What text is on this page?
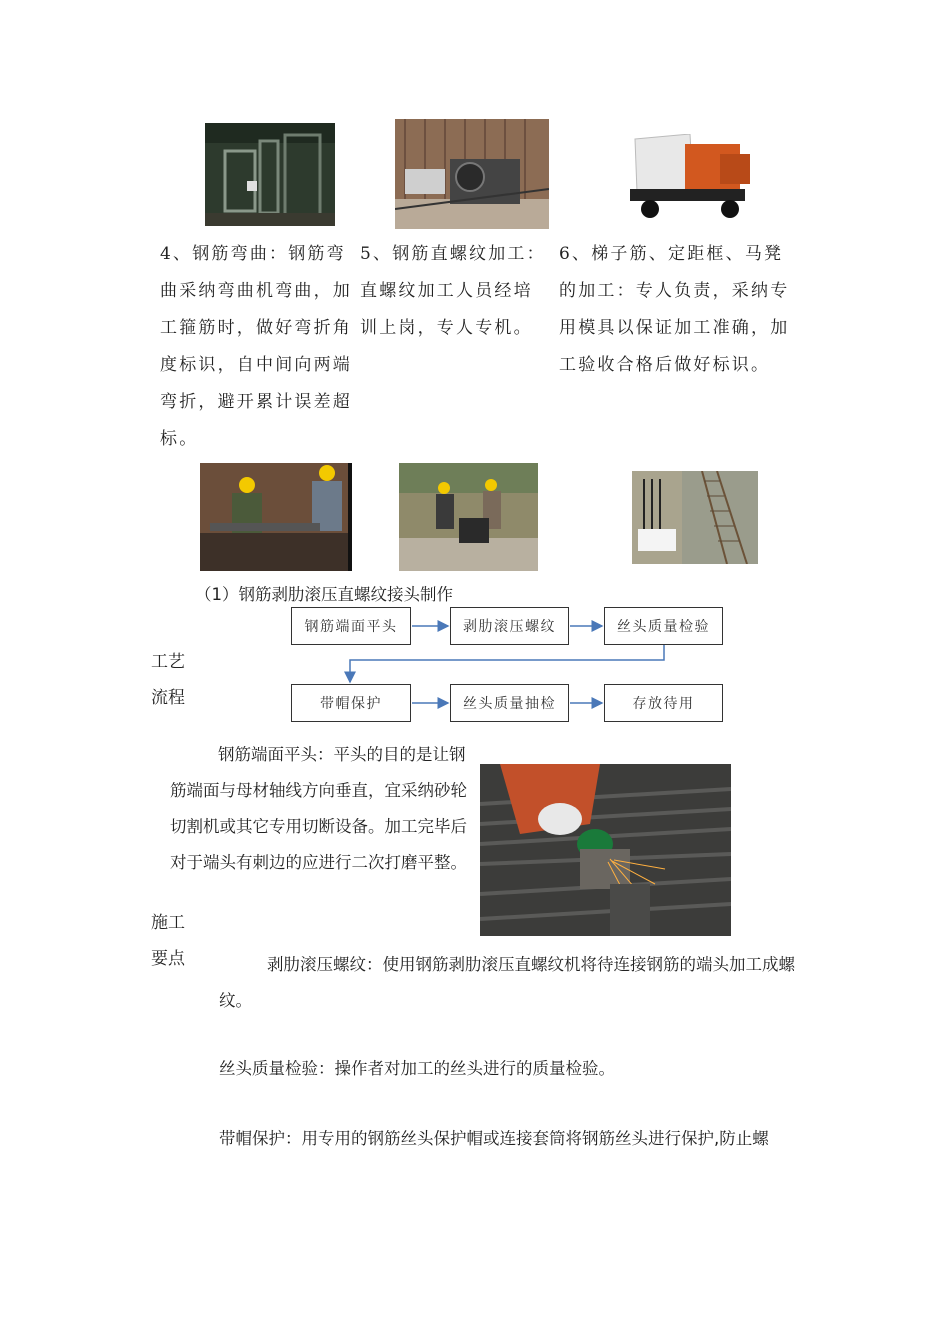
4、钢筋弯曲：钢筋弯曲采纳弯曲机弯曲，加工箍筋时，做好弯折角度标识，自中间向两端弯折，避开累计误差超标。
5、钢筋直螺纹加工：直螺纹加工人员经培训上岗，专人专机。
6、梯子筋、定距框、马凳的加工：专人负责，采纳专用模具以保证加工准确，加工验收合格后做好标识。
（1）钢筋剥肋滚压直螺纹接头制作
工艺
流程
钢筋端面平头	剥肋滚压螺纹	丝头质量检验
带帽保护	丝头质量抽检	存放待用
钢筋端面平头：平头的目的是让钢筋端面与母材轴线方向垂直，宜采纳砂轮切割机或其它专用切断设备。加工完毕后对于端头有刺边的应进行二次打磨平整。
施工
要点	剥肋滚压螺纹：使用钢筋剥肋滚压直螺纹机将待连接钢筋的端头加工成螺纹。
丝头质量检验：操作者对加工的丝头进行的质量检验。
带帽保护：用专用的钢筋丝头保护帽或连接套筒将钢筋丝头进行保护,防止螺
